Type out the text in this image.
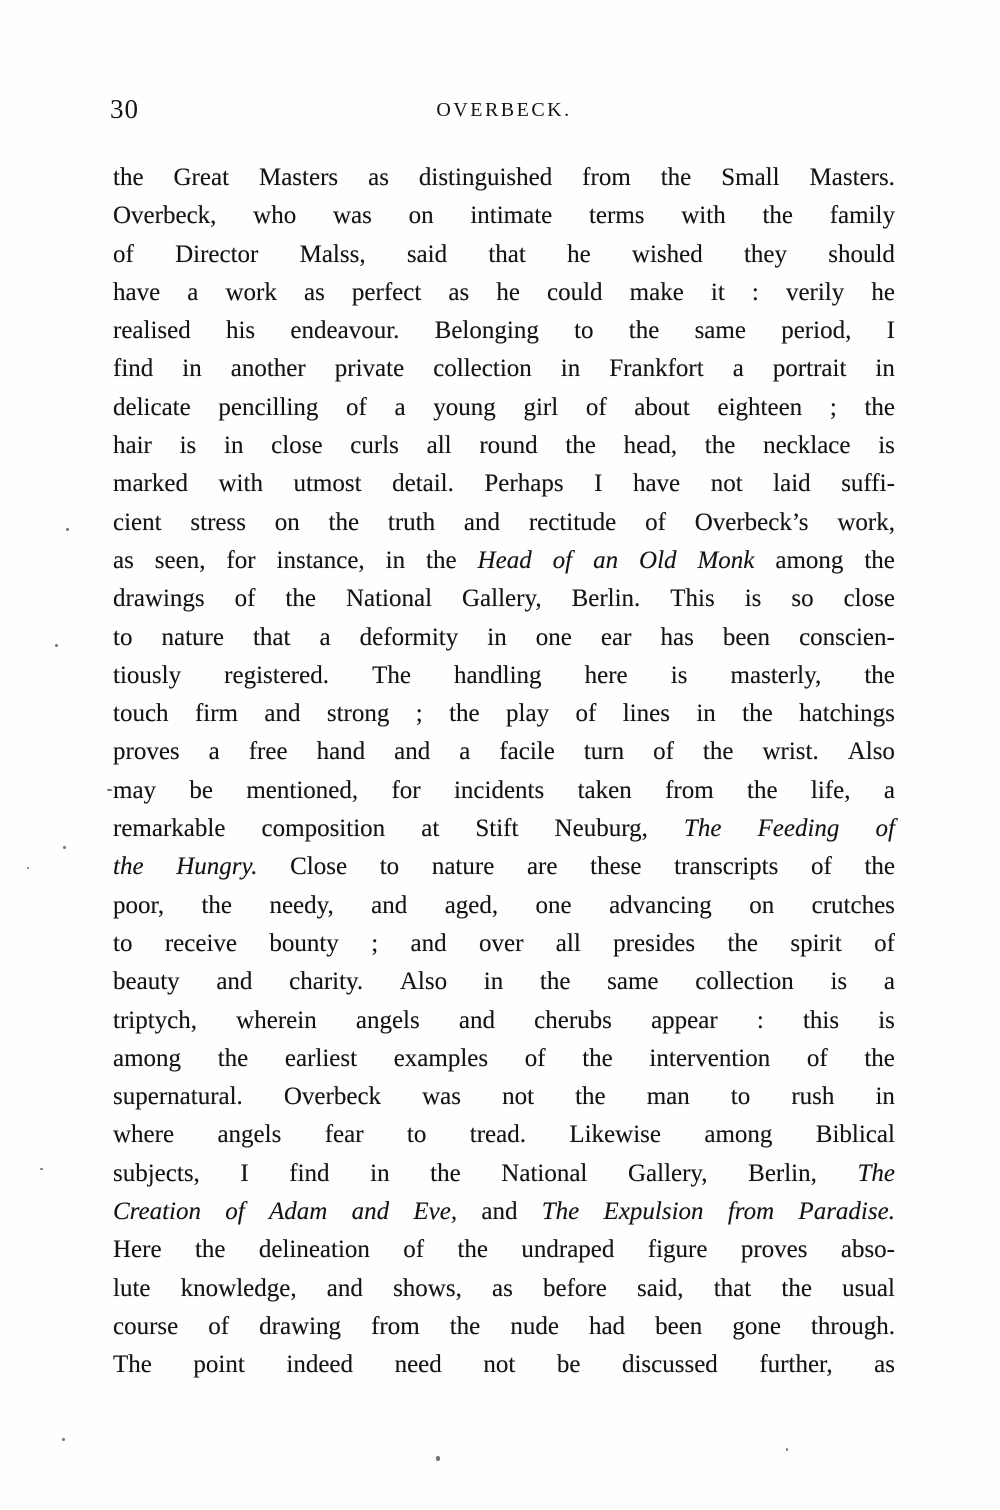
30	OVERBECK.
the Great Masters as distinguished from the Small Masters.
Overbeck, who was on intimate terms with the family
of Director Malss, said that he wished they should
have a work as perfect as he could make it : verily he
realised his endeavour. Belonging to the same period, I
find in another private collection in Frankfort a portrait in
delicate pencilling of a young girl of about eighteen ; the
hair is in close curls all round the head, the necklace is
marked with utmost detail. Perhaps I have not laid suffi-
cient stress on the truth and rectitude of Overbeck’s work,
as seen, for instance, in the Head of an Old Monk among the
drawings of the National Gallery, Berlin. This is so close
to nature that a deformity in one ear has been conscien-
tiously registered. The handling here is masterly, the
touch firm and strong ; the play of lines in the hatchings
proves a free hand and a facile turn of the wrist. Also
may be mentioned, for incidents taken from the life, a
remarkable composition at Stift Neuburg, The Feeding of
the Hungry. Close to nature are these transcripts of the
poor, the needy, and aged, one advancing on crutches
to receive bounty ; and over all presides the spirit of
beauty and charity. Also in the same collection is a
triptych, wherein angels and cherubs appear : this is
among the earliest examples of the intervention of the
supernatural. Overbeck was not the man to rush in
where angels fear to tread. Likewise among Biblical
subjects, I find in the National Gallery, Berlin, The
Creation of Adam and Eve, and The Expulsion from Paradise.
Here the delineation of the undraped figure proves abso-
lute knowledge, and shows, as before said, that the usual
course of drawing from the nude had been gone through.
The point indeed need not be discussed further, as
